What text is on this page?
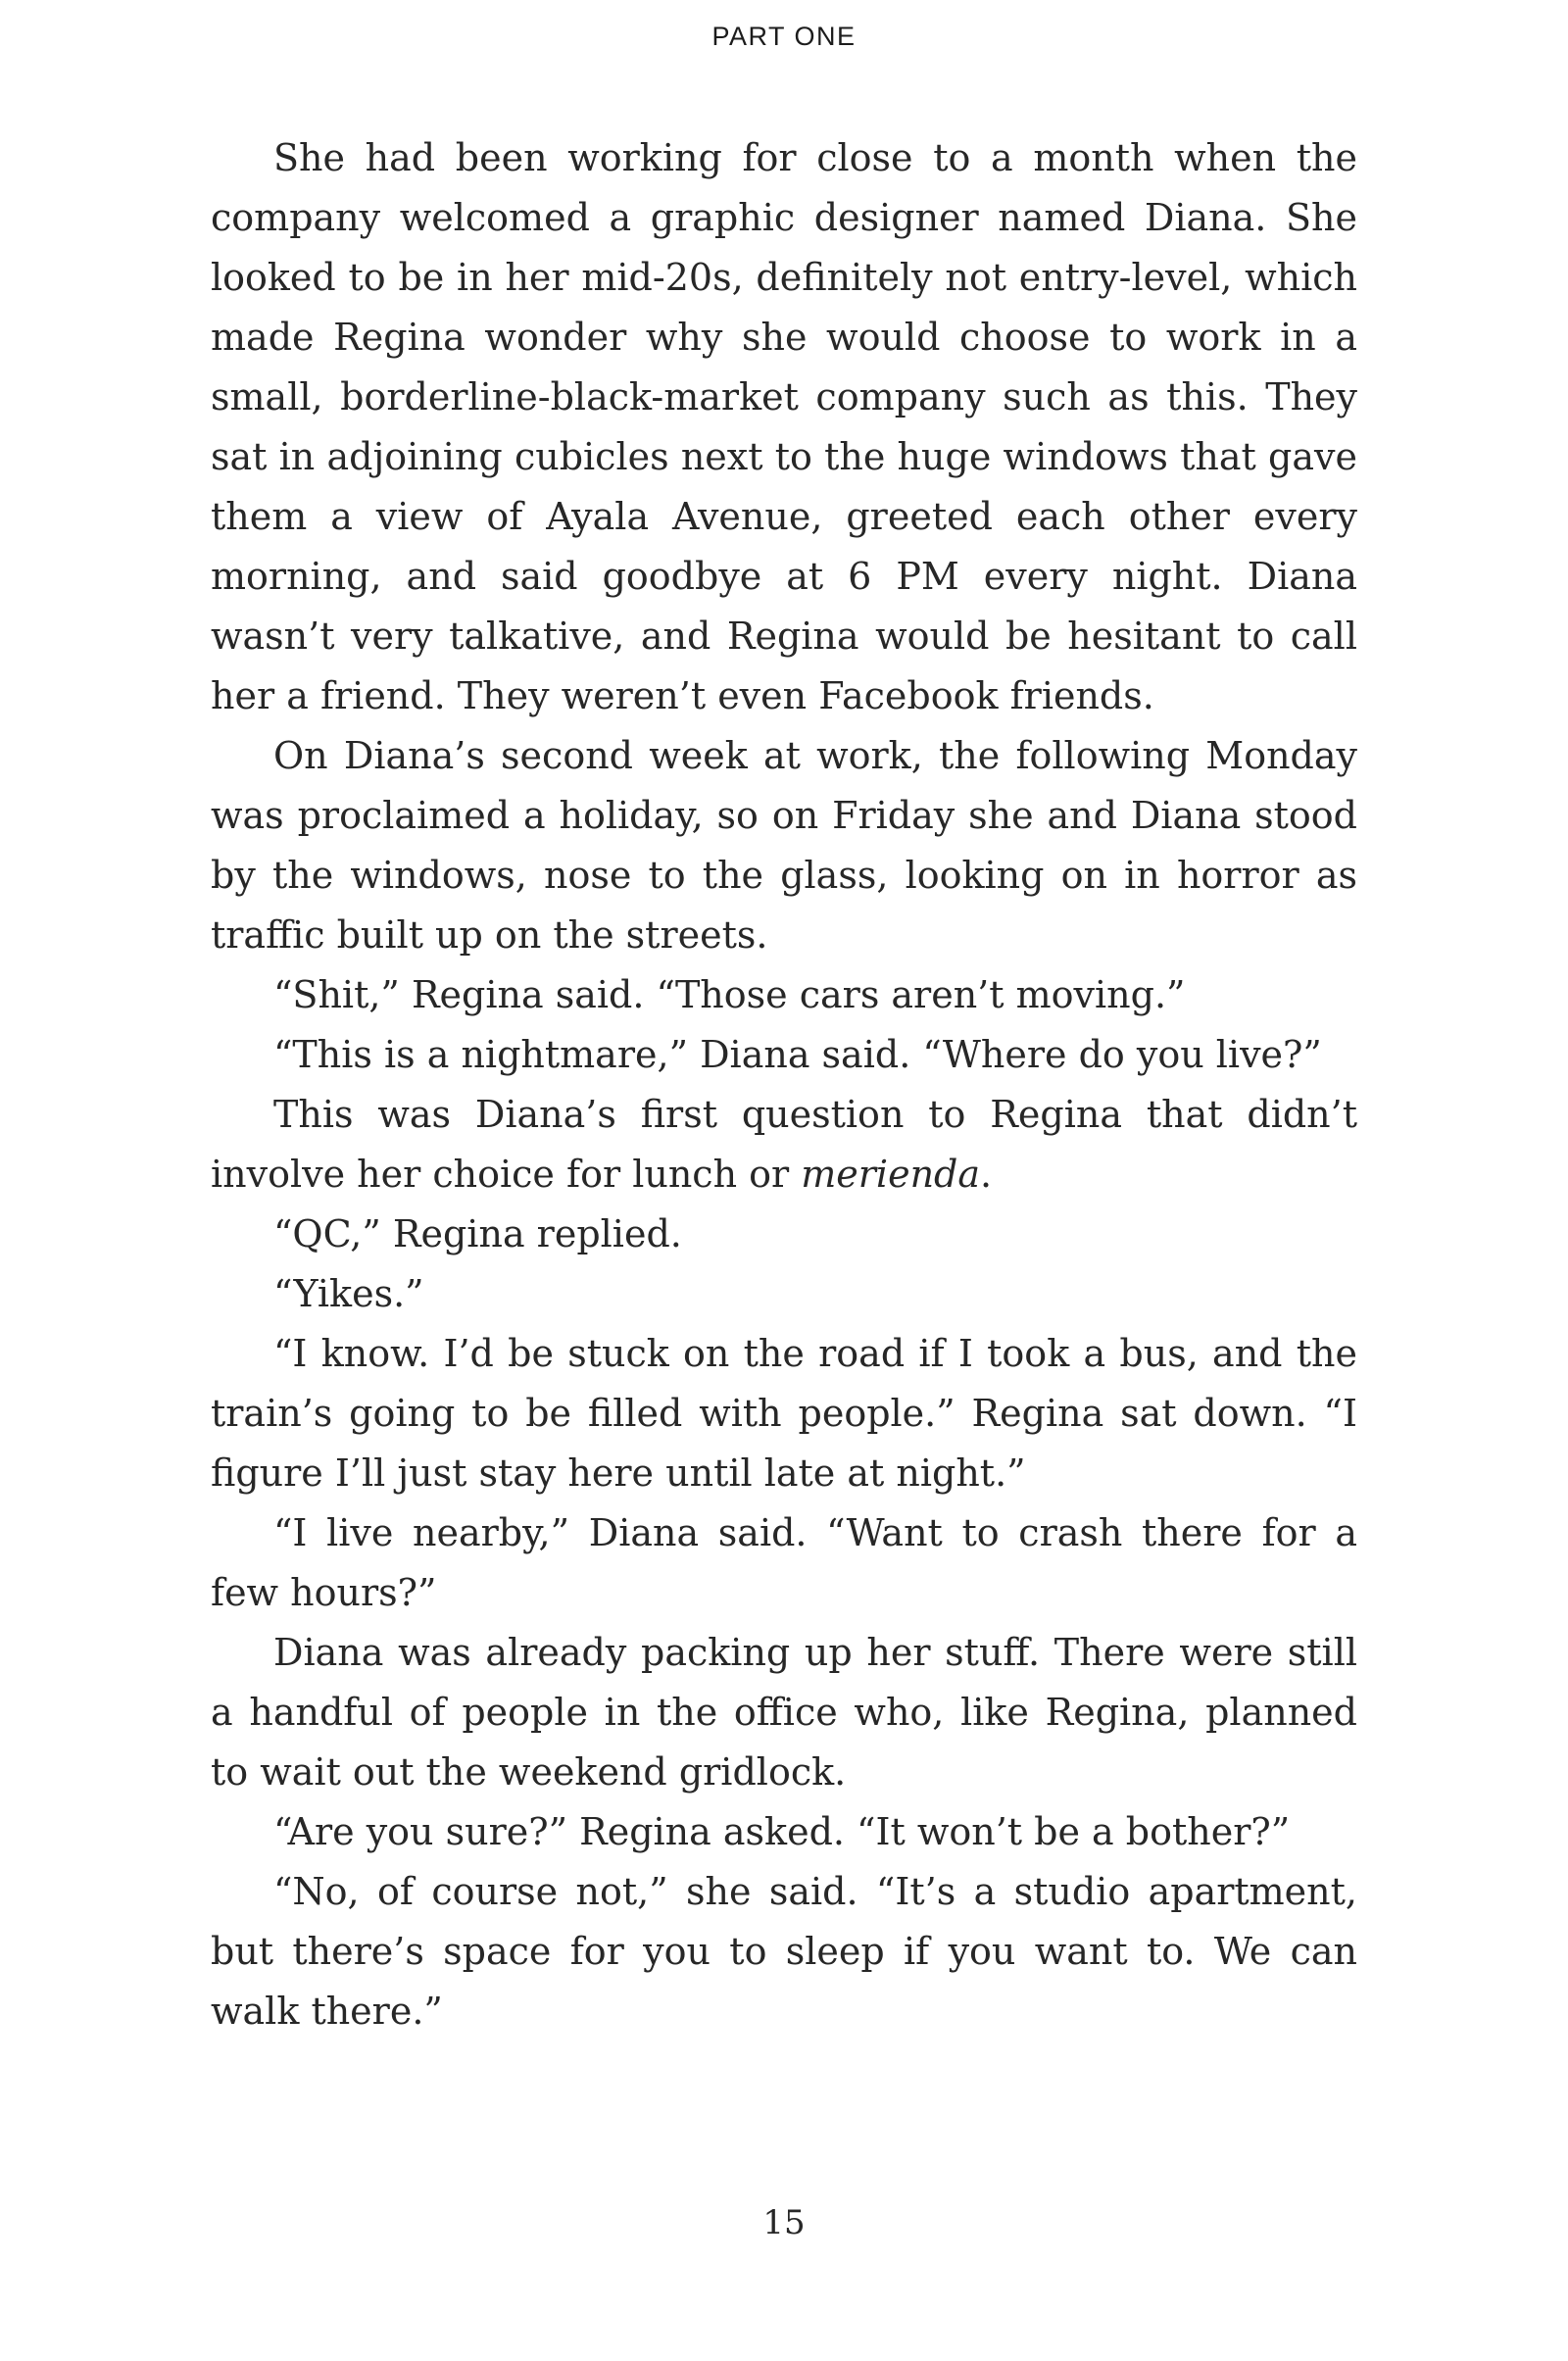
PART ONE

She had been working for close to a month when the company welcomed a graphic designer named Diana. She looked to be in her mid-20s, definitely not entry-level, which made Regina wonder why she would choose to work in a small, borderline-black-market company such as this. They sat in adjoining cubicles next to the huge windows that gave them a view of Ayala Avenue, greeted each other every morning, and said goodbye at 6 PM every night. Diana wasn’t very talkative, and Regina would be hesitant to call her a friend. They weren’t even Facebook friends.

On Diana’s second week at work, the following Monday was proclaimed a holiday, so on Friday she and Diana stood by the windows, nose to the glass, looking on in horror as traffic built up on the streets.

“Shit,” Regina said. “Those cars aren’t moving.”

“This is a nightmare,” Diana said. “Where do you live?”

This was Diana’s first question to Regina that didn’t involve her choice for lunch or merienda.

“QC,” Regina replied.

“Yikes.”

“I know. I’d be stuck on the road if I took a bus, and the train’s going to be filled with people.” Regina sat down. “I figure I’ll just stay here until late at night.”

“I live nearby,” Diana said. “Want to crash there for a few hours?”

Diana was already packing up her stuff. There were still a handful of people in the office who, like Regina, planned to wait out the weekend gridlock.

“Are you sure?” Regina asked. “It won’t be a bother?”

“No, of course not,” she said. “It’s a studio apartment, but there’s space for you to sleep if you want to. We can walk there.”

15
